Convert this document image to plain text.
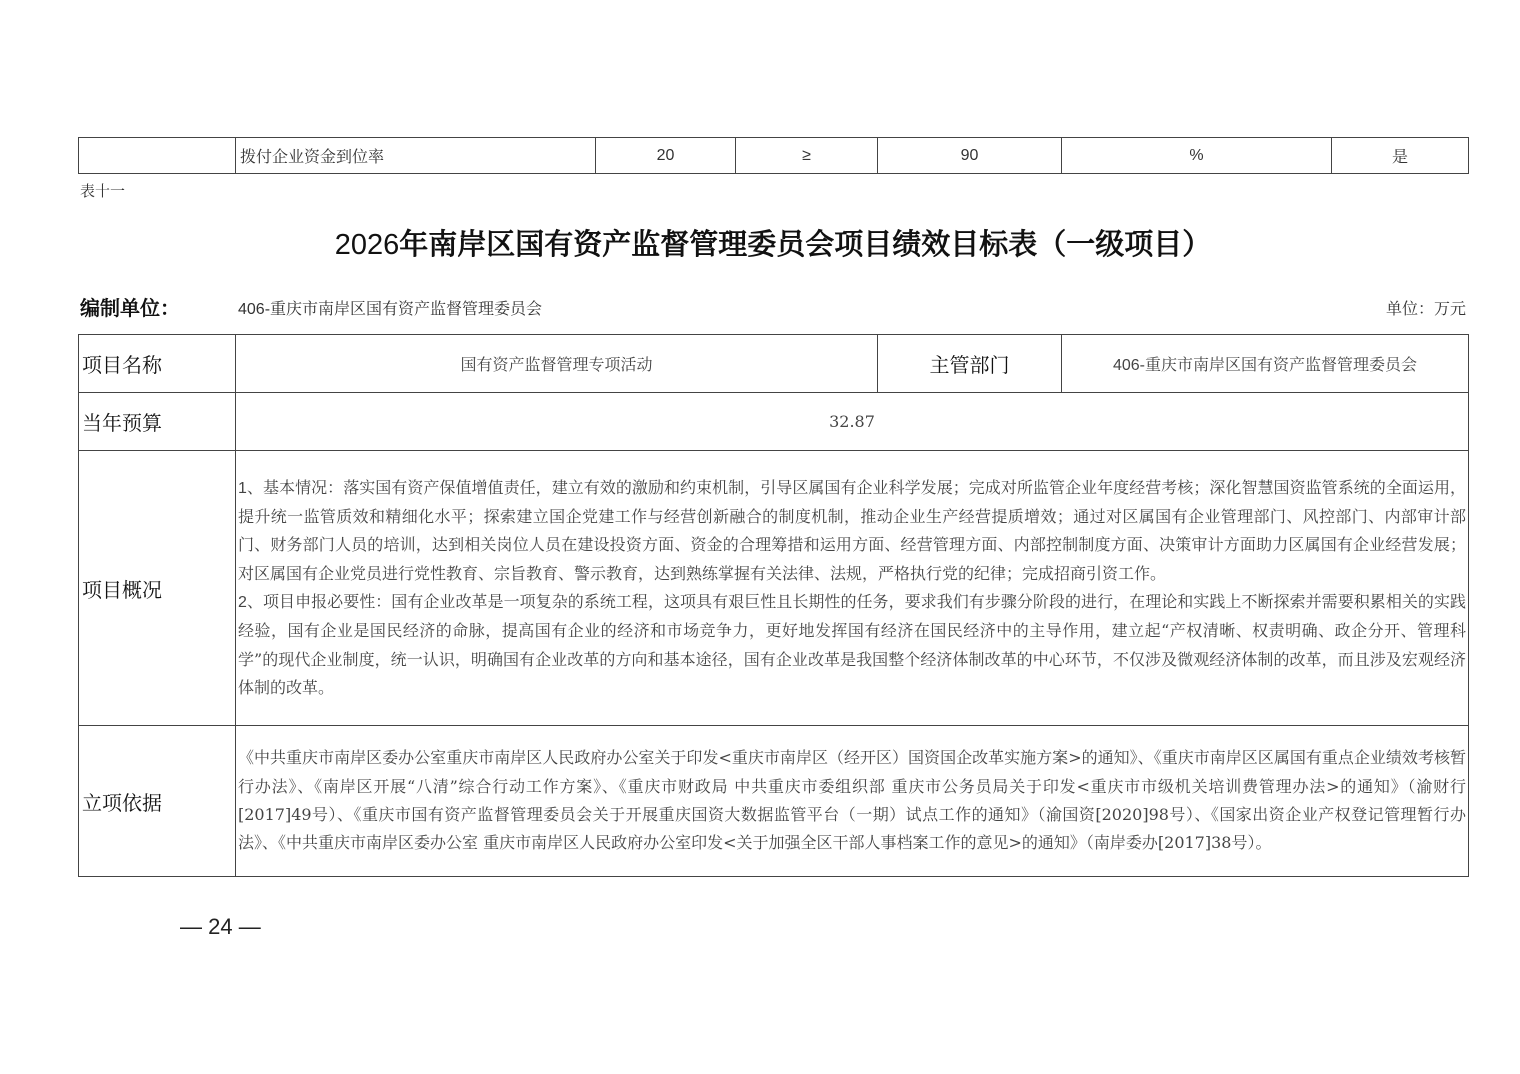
	拨付企业资金到位率	20	≥	90	%	是
表十一
2026年南岸区国有资产监督管理委员会项目绩效目标表（一级项目）
编制单位：	406-重庆市南岸区国有资产监督管理委员会	单位：万元
项目名称	国有资产监督管理专项活动	主管部门	406-重庆市南岸区国有资产监督管理委员会
当年预算	32.87		
项目概况	1、基本情况：落实国有资产保值增值责任，建立有效的激励和约束机制，引导区属国有企业科学发展；完成对所监管企业年度经营考核；深化智慧国资监管系统的全面运用，提升统一监管质效和精细化水平；探索建立国企党建工作与经营创新融合的制度机制，推动企业生产经营提质增效；通过对区属国有企业管理部门、风控部门、内部审计部门、财务部门人员的培训，达到相关岗位人员在建设投资方面、资金的合理筹措和运用方面、经营管理方面、内部控制制度方面、决策审计方面助力区属国有企业经营发展；对区属国有企业党员进行党性教育、宗旨教育、警示教育，达到熟练掌握有关法律、法规，严格执行党的纪律；完成招商引资工作。

2、项目申报必要性：国有企业改革是一项复杂的系统工程，这项具有艰巨性且长期性的任务，要求我们有步骤分阶段的进行，在理论和实践上不断探索并需要积累相关的实践经验，国有企业是国民经济的命脉，提高国有企业的经济和市场竞争力，更好地发挥国有经济在国民经济中的主导作用，建立起“产权清晰、权责明确、政企分开、管理科学”的现代企业制度，统一认识，明确国有企业改革的方向和基本途径，国有企业改革是我国整个经济体制改革的中心环节，不仅涉及微观经济体制的改革，而且涉及宏观经济体制的改革。		

立项依据	《中共重庆市南岸区委办公室重庆市南岸区人民政府办公室关于印发<重庆市南岸区（经开区）国资国企改革实施方案>的通知》、《重庆市南岸区区属国有重点企业绩效考核暂行办法》、《南岸区开展“八清”综合行动工作方案》、《重庆市财政局 中共重庆市委组织部 重庆市公务员局关于印发<重庆市市级机关培训费管理办法>的通知》（渝财行[2017]49号）、《重庆市国有资产监督管理委员会关于开展重庆国资大数据监管平台（一期）试点工作的通知》（渝国资[2020]98号）、《国家出资企业产权登记管理暂行办法》、《中共重庆市南岸区委办公室 重庆市南岸区人民政府办公室印发<关于加强全区干部人事档案工作的意见>的通知》（南岸委办[2017]38号）。		
— 24 —
